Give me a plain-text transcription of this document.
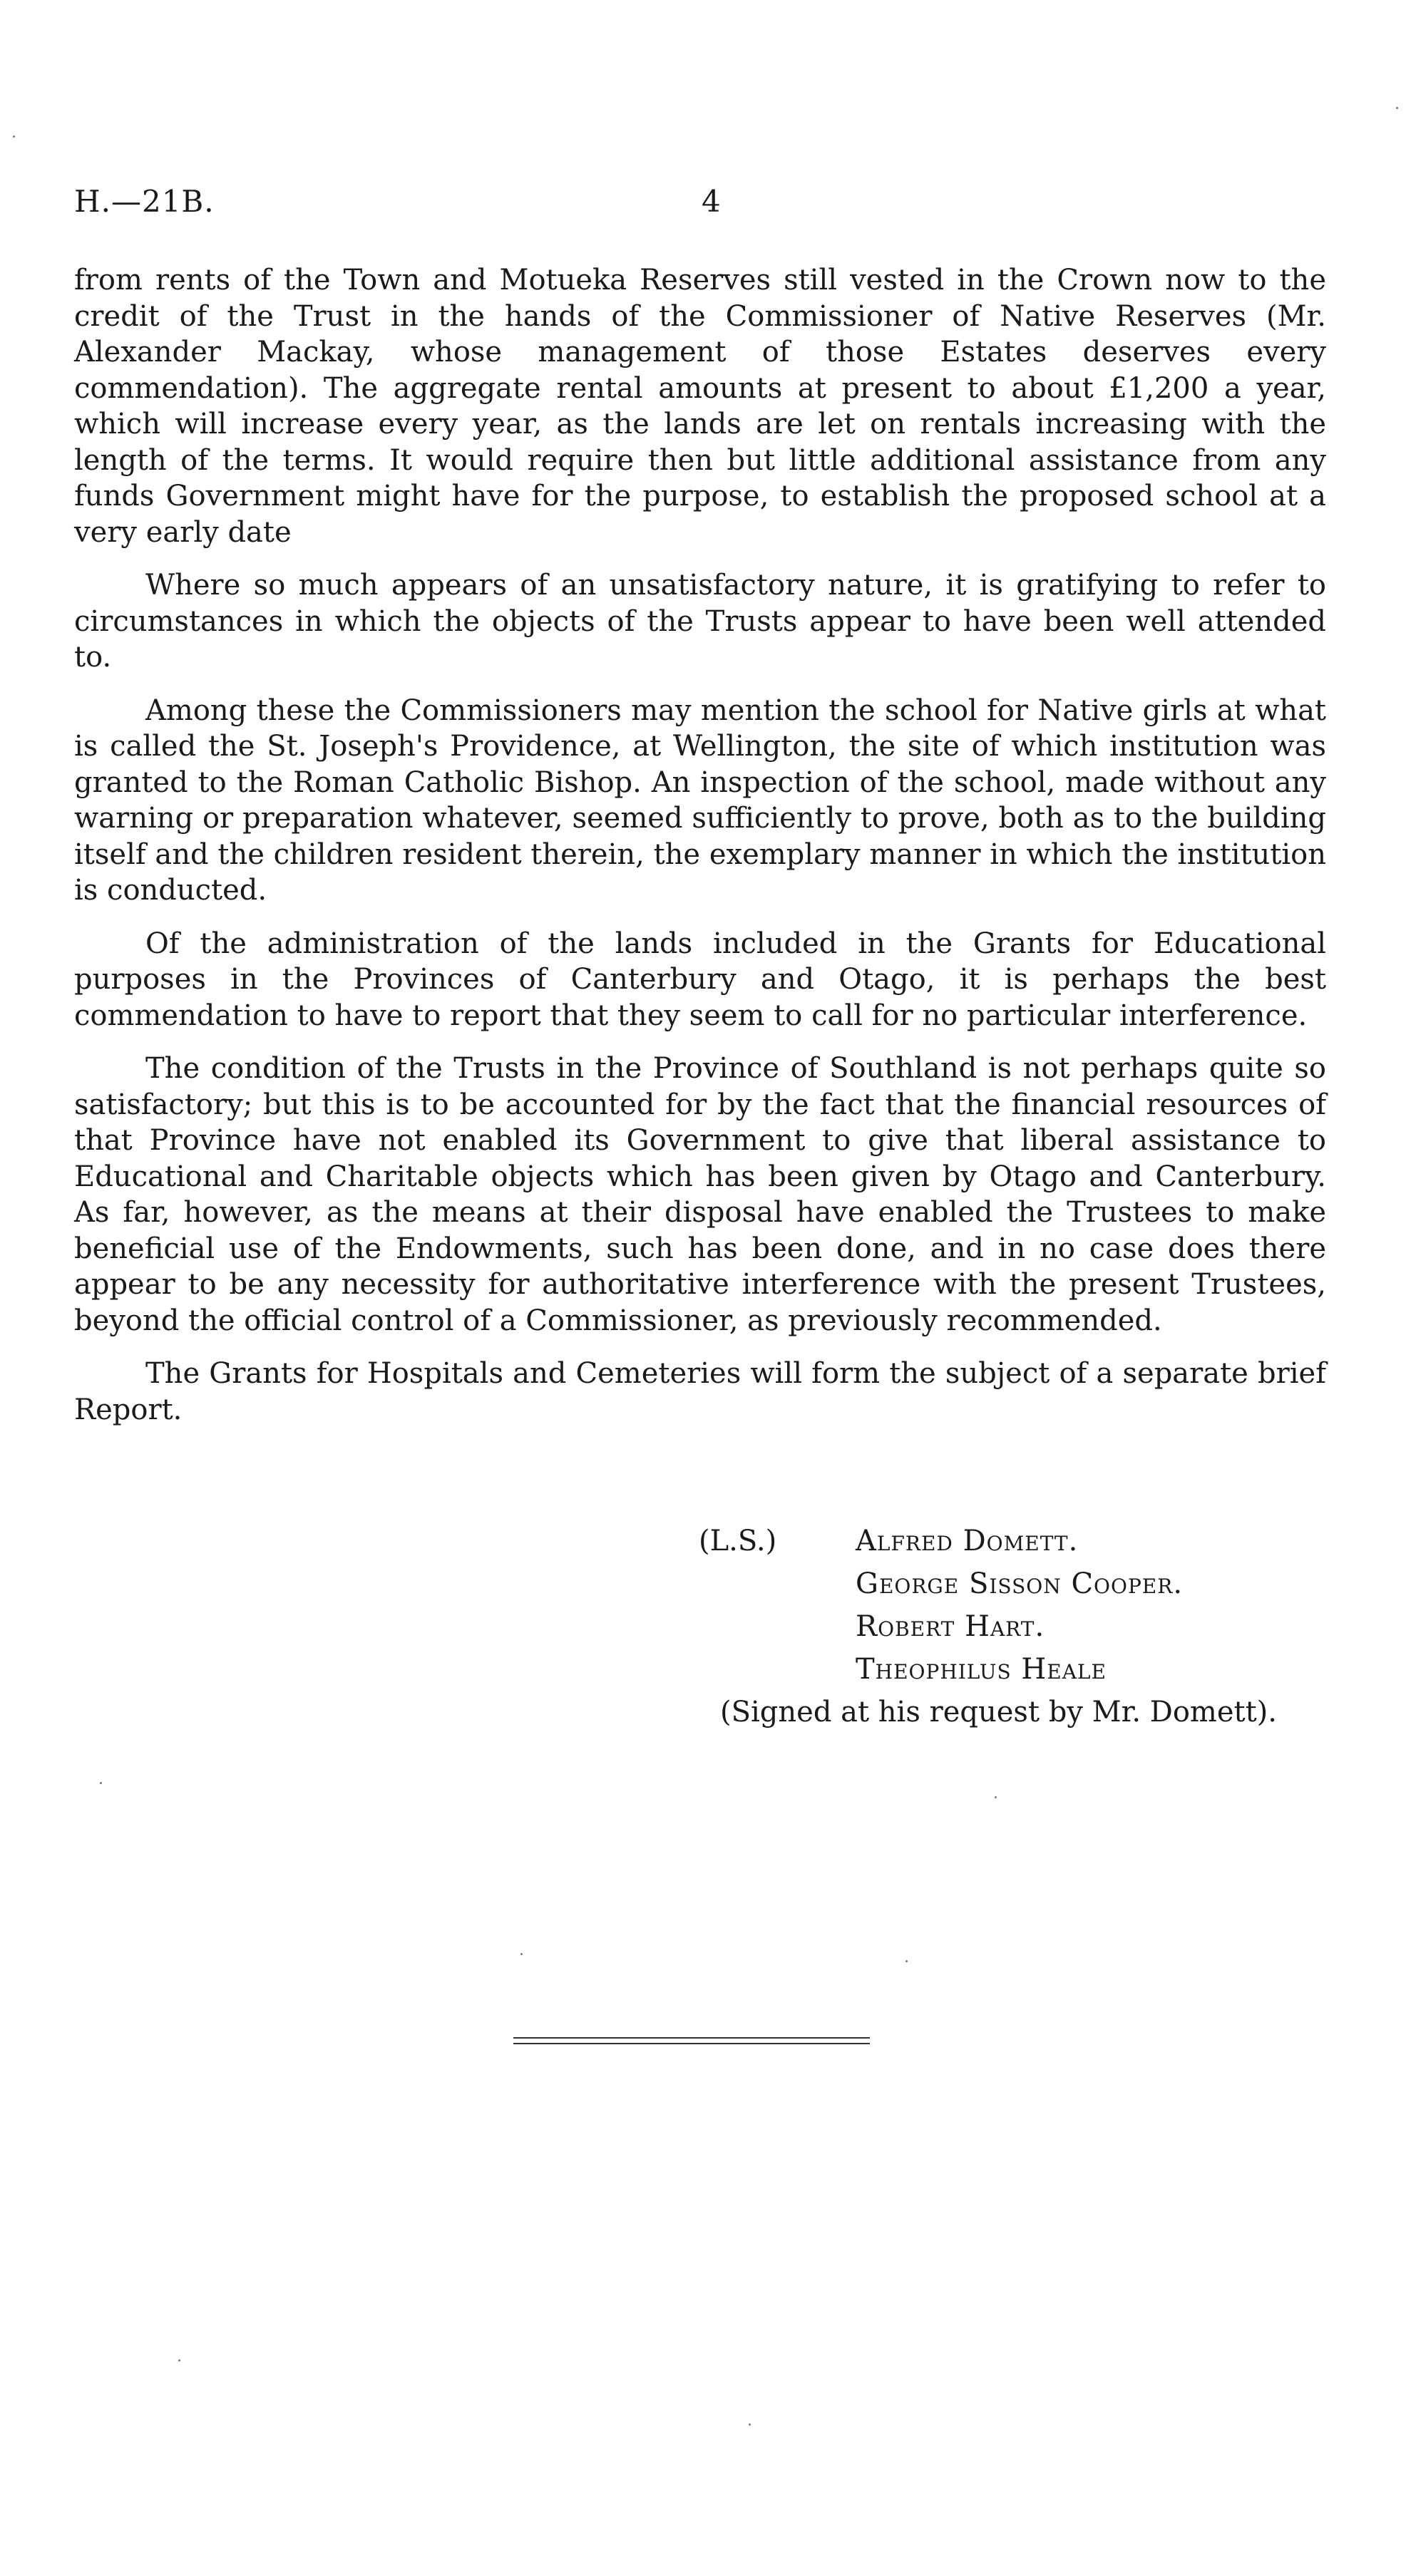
H.—21B.	4

from rents of the Town and Motueka Reserves still vested in the Crown now to the credit of the Trust in the hands of the Commissioner of Native Reserves (Mr. Alexander Mackay, whose management of those Estates deserves every commendation). The aggregate rental amounts at present to about £1,200 a year, which will increase every year, as the lands are let on rentals increasing with the length of the terms. It would require then but little additional assistance from any funds Government might have for the purpose, to establish the proposed school at a very early date

Where so much appears of an unsatisfactory nature, it is gratifying to refer to circumstances in which the objects of the Trusts appear to have been well attended to.

Among these the Commissioners may mention the school for Native girls at what is called the St. Joseph's Providence, at Wellington, the site of which institution was granted to the Roman Catholic Bishop. An inspection of the school, made without any warning or preparation whatever, seemed sufficiently to prove, both as to the building itself and the children resident therein, the exemplary manner in which the institution is conducted.

Of the administration of the lands included in the Grants for Educational purposes in the Provinces of Canterbury and Otago, it is perhaps the best commendation to have to report that they seem to call for no particular interference.

The condition of the Trusts in the Province of Southland is not perhaps quite so satisfactory; but this is to be accounted for by the fact that the financial resources of that Province have not enabled its Government to give that liberal assistance to Educational and Charitable objects which has been given by Otago and Canterbury. As far, however, as the means at their disposal have enabled the Trustees to make beneficial use of the Endowments, such has been done, and in no case does there appear to be any necessity for authoritative interference with the present Trustees, beyond the official control of a Commissioner, as previously recommended.

The Grants for Hospitals and Cemeteries will form the subject of a separate brief Report.

(L.S.)	Alfred Domett.
George Sisson Cooper.
Robert Hart.
Theophilus Heale
(Signed at his request by Mr. Domett).
